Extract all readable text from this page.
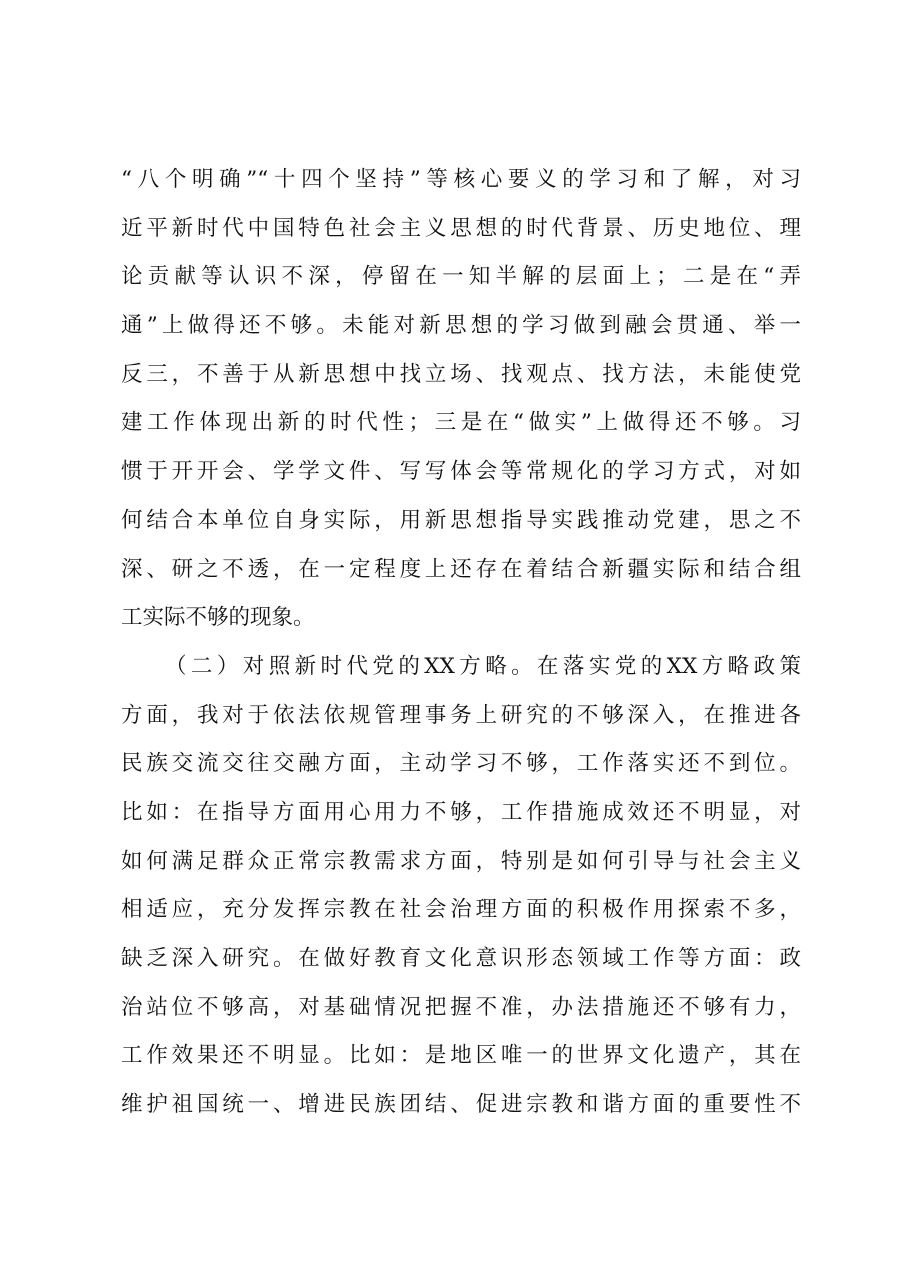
“八个明确”“十四个坚持”等核心要义的学习和了解，对习
近平新时代中国特色社会主义思想的时代背景、历史地位、理
论贡献等认识不深，停留在一知半解的层面上；二是在“弄
通”上做得还不够。未能对新思想的学习做到融会贯通、举一
反三，不善于从新思想中找立场、找观点、找方法，未能使党
建工作体现出新的时代性；三是在“做实”上做得还不够。习
惯于开开会、学学文件、写写体会等常规化的学习方式，对如
何结合本单位自身实际，用新思想指导实践推动党建，思之不
深、研之不透，在一定程度上还存在着结合新疆实际和结合组
工实际不够的现象。
（二）对照新时代党的XX方略。在落实党的XX方略政策
方面，我对于依法依规管理事务上研究的不够深入，在推进各
民族交流交往交融方面，主动学习不够，工作落实还不到位。
比如：在指导方面用心用力不够，工作措施成效还不明显，对
如何满足群众正常宗教需求方面，特别是如何引导与社会主义
相适应，充分发挥宗教在社会治理方面的积极作用探索不多，
缺乏深入研究。在做好教育文化意识形态领域工作等方面：政
治站位不够高，对基础情况把握不准，办法措施还不够有力，
工作效果还不明显。比如：是地区唯一的世界文化遗产，其在
维护祖国统一、增进民族团结、促进宗教和谐方面的重要性不
